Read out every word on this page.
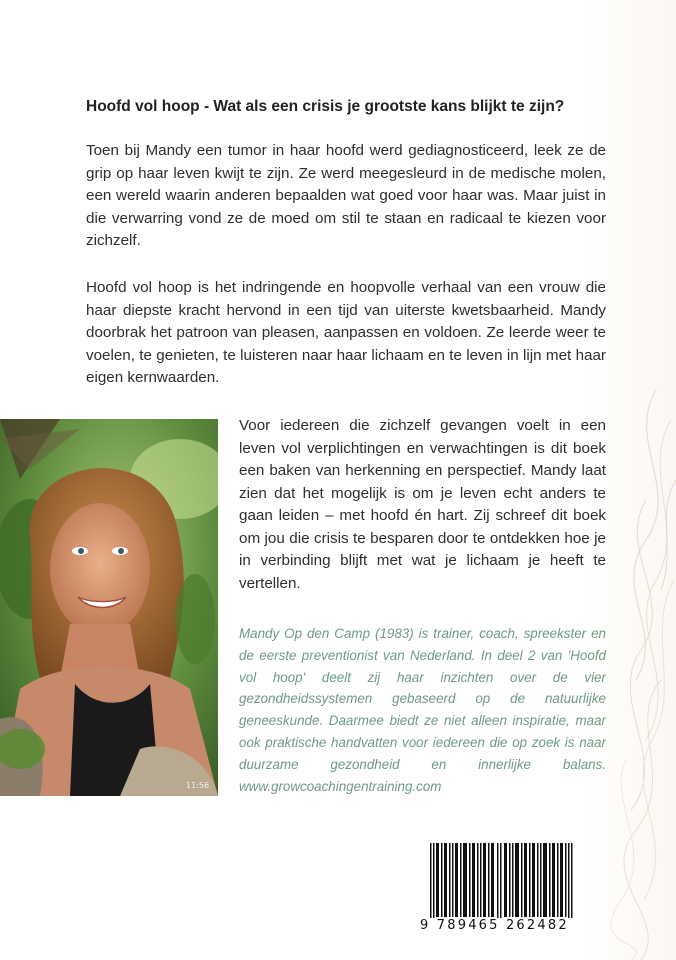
Hoofd vol hoop - Wat als een crisis je grootste kans blijkt te zijn?
Toen bij Mandy een tumor in haar hoofd werd gediagnosticeerd, leek ze de grip op haar leven kwijt te zijn. Ze werd meegesleurd in de medische molen, een wereld waarin anderen bepaalden wat goed voor haar was. Maar juist in die verwarring vond ze de moed om stil te staan en radicaal te kiezen voor zichzelf.
Hoofd vol hoop is het indringende en hoopvolle verhaal van een vrouw die haar diepste kracht hervond in een tijd van uiterste kwetsbaarheid. Mandy doorbrak het patroon van pleasen, aanpassen en voldoen. Ze leerde weer te voelen, te genieten, te luisteren naar haar lichaam en te leven in lijn met haar eigen kernwaarden.
11:56
Voor iedereen die zichzelf gevangen voelt in een leven vol verplichtingen en verwachtingen is dit boek een baken van herkenning en perspectief. Mandy laat zien dat het mogelijk is om je leven echt anders te gaan leiden – met hoofd én hart. Zij schreef dit boek om jou die crisis te besparen door te ontdekken hoe je in verbinding blijft met wat je lichaam je heeft te vertellen.
Mandy Op den Camp (1983) is trainer, coach, spreekster en de eerste preventionist van Nederland. In deel 2 van 'Hoofd vol hoop' deelt zij haar inzichten over de vier gezondheidssystemen gebaseerd op de natuurlijke geneeskunde. Daarmee biedt ze niet alleen inspiratie, maar ook praktische handvatten voor iedereen die op zoek is naar duurzame gezondheid en innerlijke balans. www.growcoachingentraining.com
9 789465 262482
